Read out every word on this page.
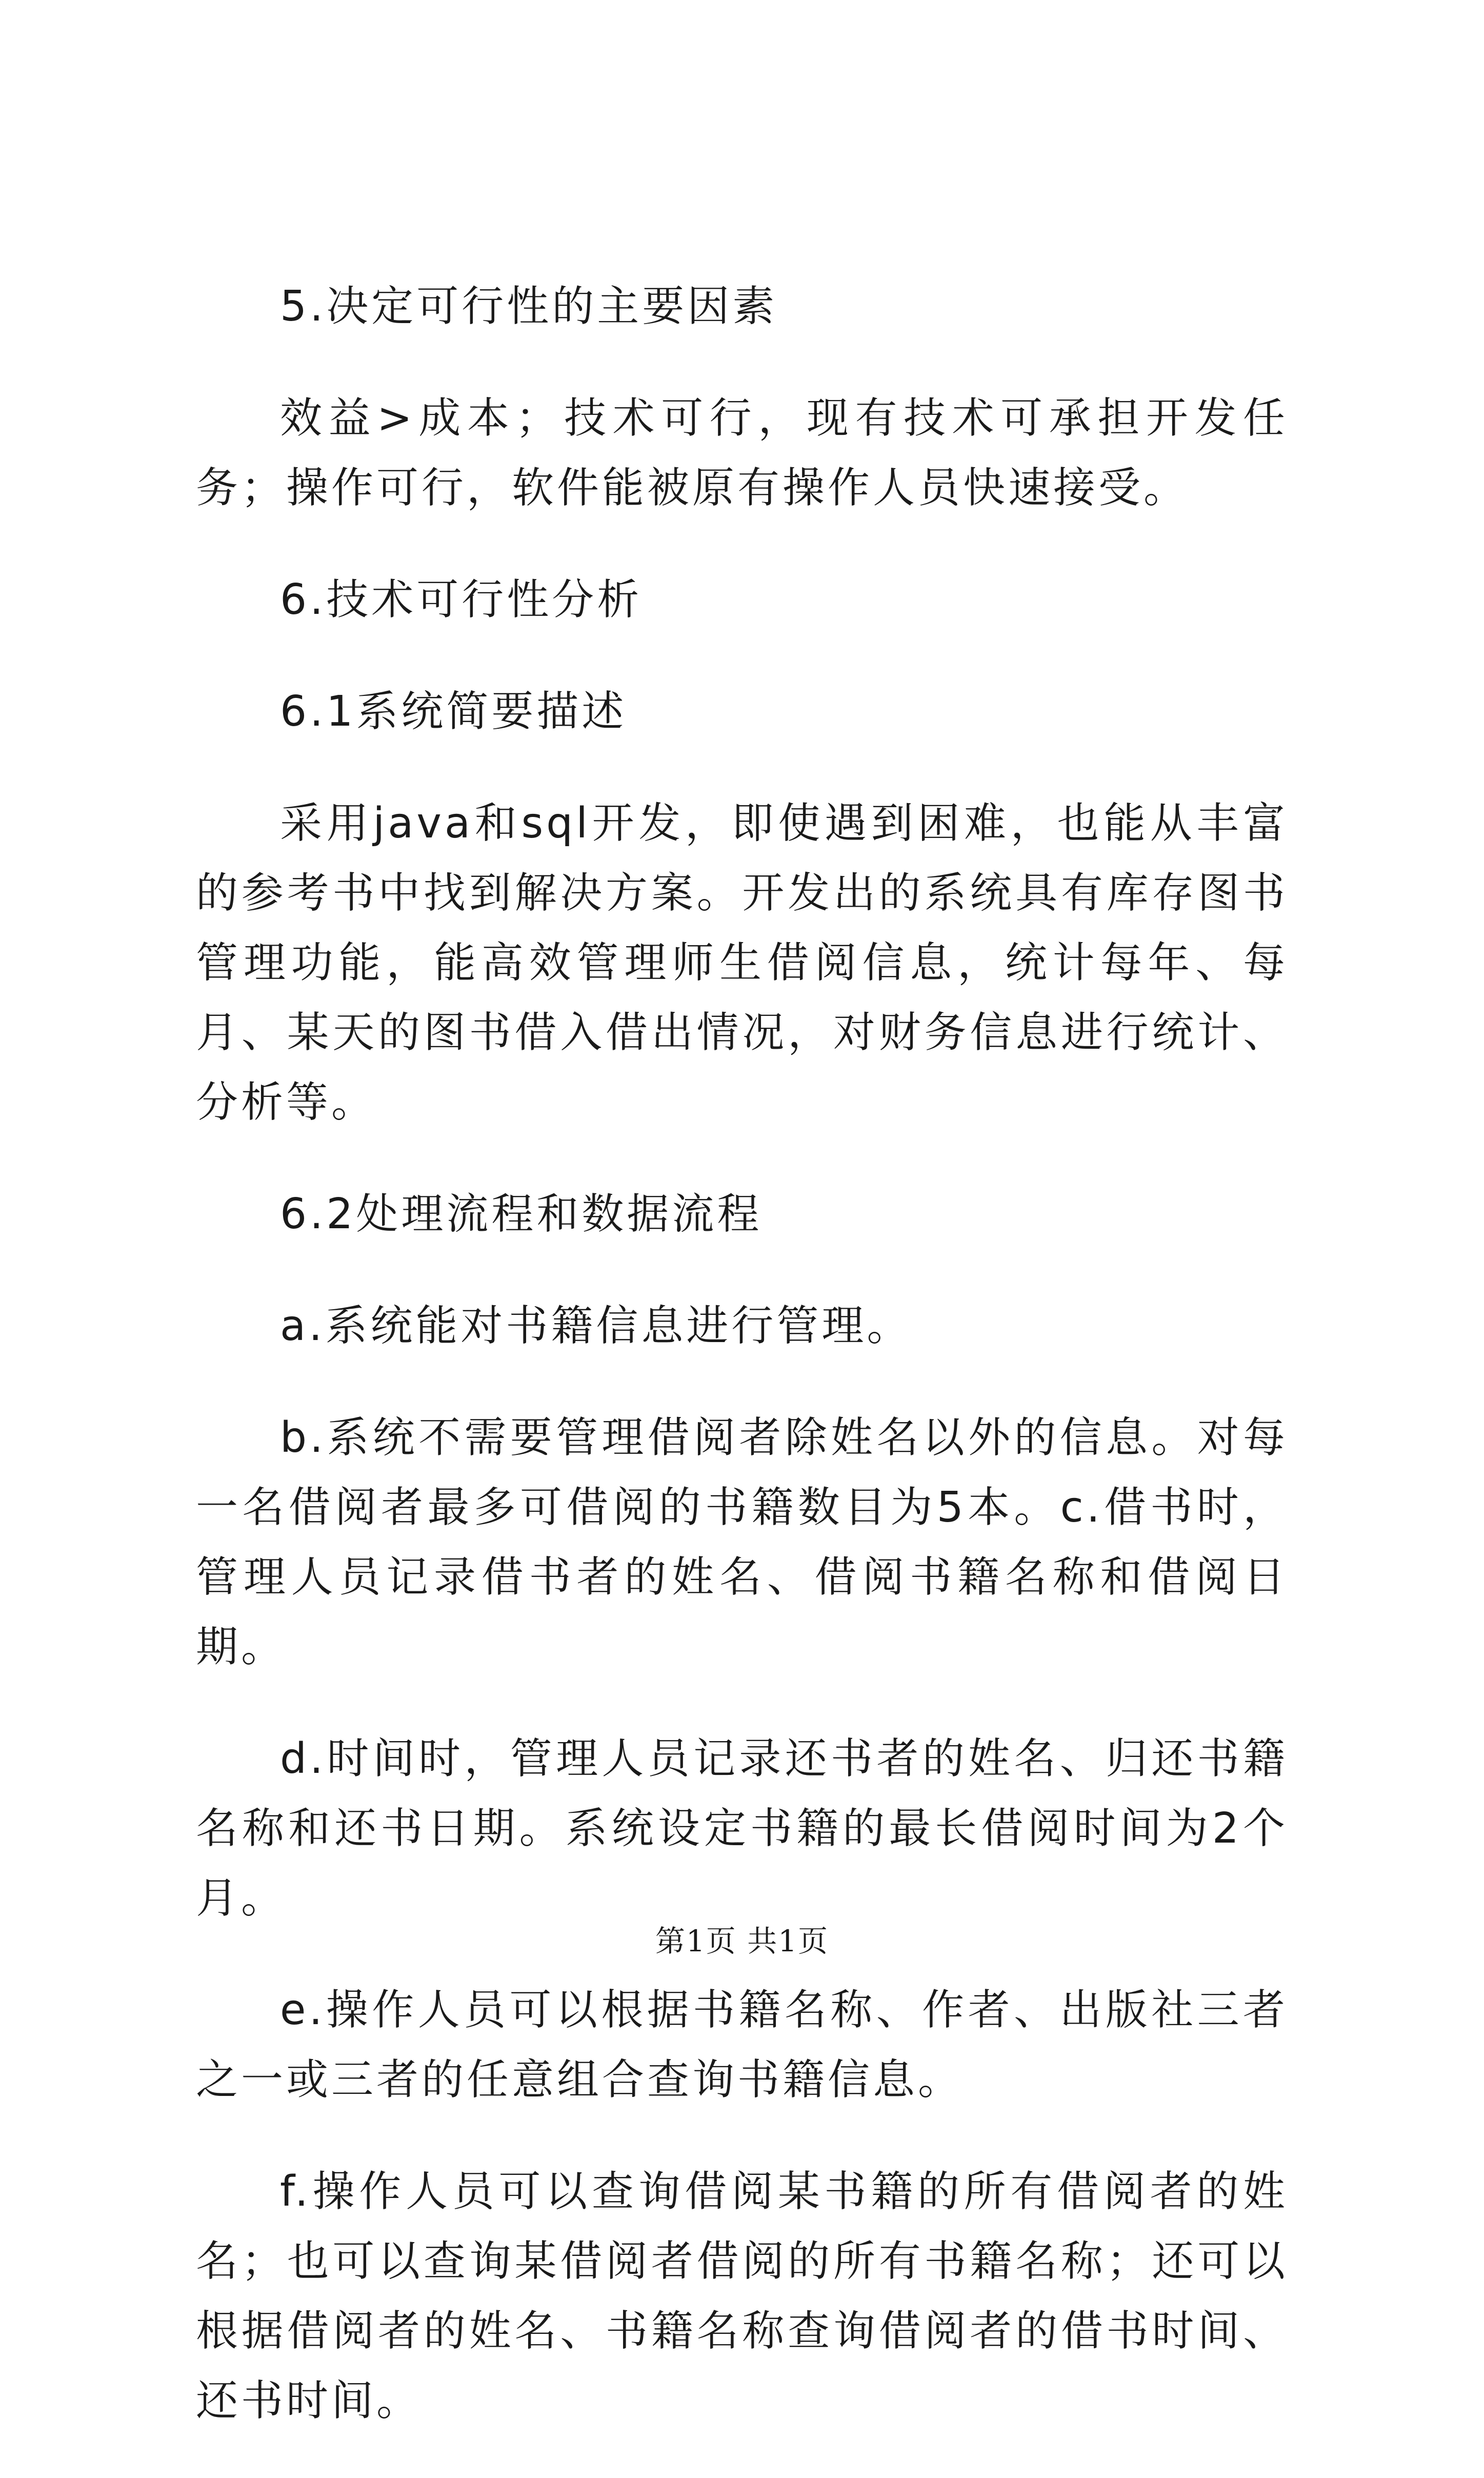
5.决定可行性的主要因素

效益>成本；技术可行，现有技术可承担开发任务；操作可行，软件能被原有操作人员快速接受。

6.技术可行性分析

6.1系统简要描述

采用java和sql开发，即使遇到困难，也能从丰富的参考书中找到解决方案。开发出的系统具有库存图书管理功能，能高效管理师生借阅信息，统计每年、每月、某天的图书借入借出情况，对财务信息进行统计、分析等。

6.2处理流程和数据流程

a.系统能对书籍信息进行管理。

b.系统不需要管理借阅者除姓名以外的信息。对每一名借阅者最多可借阅的书籍数目为5本。c.借书时，管理人员记录借书者的姓名、借阅书籍名称和借阅日期。

d.时间时，管理人员记录还书者的姓名、归还书籍名称和还书日期。系统设定书籍的最长借阅时间为2个月。

e.操作人员可以根据书籍名称、作者、出版社三者之一或三者的任意组合查询书籍信息。

f.操作人员可以查询借阅某书籍的所有借阅者的姓名；也可以查询某借阅者借阅的所有书籍名称；还可以根据借阅者的姓名、书籍名称查询借阅者的借书时间、还书时间。

第1页 共1页
